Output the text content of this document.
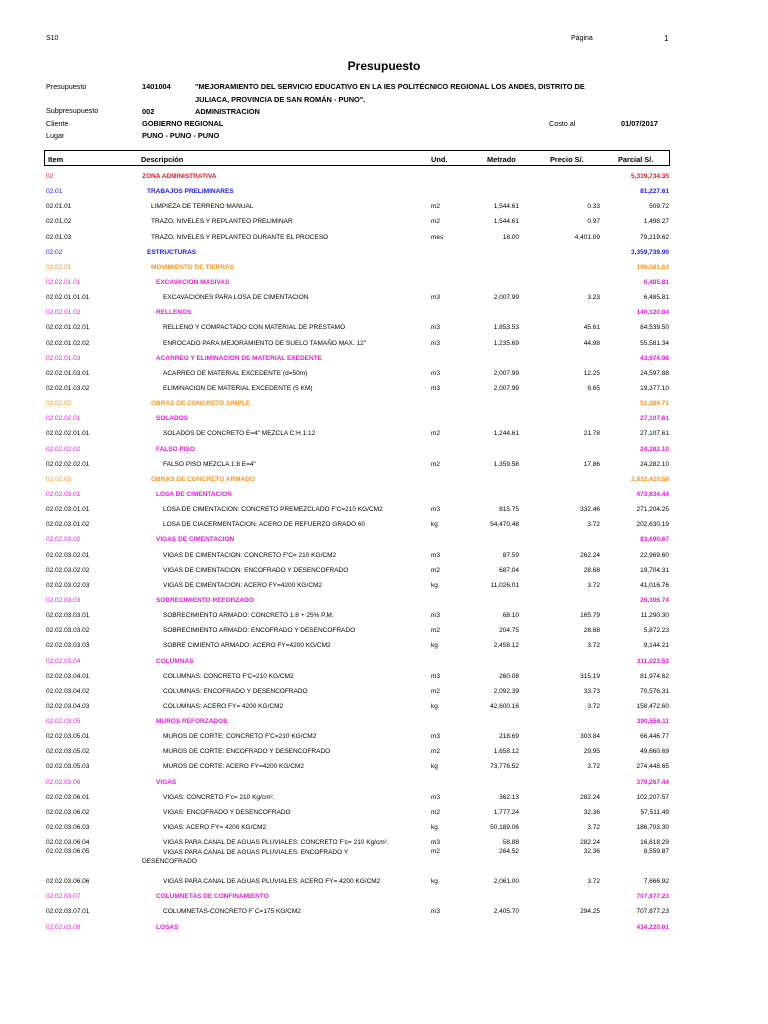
S10	Página	1
Presupuesto
Presupuesto	1401004	"MEJORAMIENTO DEL SERVICIO EDUCATIVO EN LA IES POLITÉCNICO REGIONAL LOS ANDES, DISTRITO DE
JULIACA, PROVINCIA DE SAN ROMÁN - PUNO".
Subpresupuesto	002	ADMINISTRACION
Cliente	GOBIERNO REGIONAL	Costo al	01/07/2017
Lugar	PUNO - PUNO - PUNO
Item	Descripción	Und.	Metrado	Precio S/.	Parcial S/.
02	ZONA ADMINISTRATIVA	5,319,734.35
02.01	TRABAJOS PRELIMINARES	81,227.61
02.01.01	LIMPIEZA DE TERRENO MANUAL	m2	1,544.61	0.33	509.72
02.01.02	TRAZO, NIVELES Y REPLANTEO PRELIMINAR	m2	1,544.61	0.97	1,498.27
02.01.03	TRAZO, NIVELES Y REPLANTEO DURANTE EL PROCESO	mes	18.00	4,401.09	79,219.62
02.02	ESTRUCTURAS	3,359,739.90
02.02.01	MOVIMIENTO DE TIERRAS	190,581.63
02.02.01.01	EXCAVACION MASIVAS	6,485.81
02.02.01.01.01	EXCAVACIONES PARA LOSA DE CIMENTACION	m3	2,007.99	3.23	6,485.81
02.02.01.02	RELLENOS	140,120.84
02.02.01.02.01	RELLENO Y COMPACTADO CON MATERIAL DE PRESTAMO	m3	1,853.53	45.61	84,539.50
02.02.01.02.02	ENROCADO PARA MEJORAMIENTO DE SUELO TAMAÑO MAX. 12"	m3	1,235.69	44.98	55,581.34
02.02.01.03	ACARREO Y ELIMINACION DE MATERIAL EXEDENTE	43,974.98
02.02.01.03.01	ACARREO DE MATERIAL EXCEDENTE (d=50m)	m3	2,007.99	12.25	24,597.88
02.02.01.03.02	ELIMINACION DE MATERIAL EXCEDENTE (5 KM)	m3	2,007.99	9.65	19,377.10
02.02.02	OBRAS DE CONCRETO SIMPLE	51,389.71
02.02.02.01	SOLADOS	27,107.61
02.02.02.01.01	SOLADOS DE CONCRETO E=4" MEZCLA C:H 1:12	m2	1,244.61	21.78	27,107.61
02.02.02.02	FALSO PISO	24,282.10
02.02.02.02.01	FALSO PISO MEZCLA 1:8 E=4"	m2	1,359.58	17.86	24,282.10
02.02.03	OBRAS DE CONCRETO ARMADO	2,832,420.58
02.02.03.01	LOSA DE CIMENTACION	473,834.44
02.02.03.01.01	LOSA DE CIMENTACION: CONCRETO PREMEZCLADO F'C=210 KG/CM2	m3	815.75	332.46	271,204.25
02.02.03.01.02	LOSA DE CIACERMENTACION: ACERO DE REFUERZO GRADO 60	kg	54,470.48	3.72	202,630.19
02.02.03.02	VIGAS DE CIMENTACION	83,690.67
02.02.03.02.01	VIGAS DE CIMENTACION: CONCRETO F'C= 210 KG/CM2	m3	87.59	262.24	22,969.60
02.02.03.02.02	VIGAS DE CIMENTACION: ENCOFRADO Y DESENCOFRADO	m2	687.04	28.68	19,704.31
02.02.03.02.03	VIGAS DE CIMENTACION: ACERO FY=4200 KG/CM2	kg	11,026.01	3.72	41,016.76
02.02.03.03	SOBRECIMIENTO REFORZADO	26,306.74
02.02.03.03.01	SOBRECIMIENTO ARMADO: CONCRETO 1:8 + 25% P.M.	m3	68.10	165.79	11,290.30
02.02.03.03.02	SOBRECIMIENTO ARMADO: ENCOFRADO Y DESENCOFRADO	m2	204.75	28.68	5,872.23
02.02.03.03.03	SOBRE CIMIENTO ARMADO: ACERO FY=4200 KG/CM2	kg	2,458.12	3.72	9,144.21
02.02.03.04	COLUMNAS	311,023.53
02.02.03.04.01	COLUMNAS: CONCRETO F'C=210 KG/CM2	m3	260.08	315.19	81,974.62
02.02.03.04.02	COLUMNAS: ENCOFRADO Y DESENCOFRADO	m2	2,092.39	33.73	70,576.31
02.02.03.04.03	COLUMNAS: ACERO FY= 4200 KG/CM2	kg	42,600.16	3.72	158,472.60
02.02.03.05	MUROS REFORZADOS	390,556.11
02.02.03.05.01	MUROS DE CORTE: CONCRETO F'C=210 KG/CM2	m3	218.69	303.84	66,446.77
02.02.03.05.02	MUROS DE CORTE: ENCOFRADO Y DESENCOFRADO	m2	1,658.12	29.95	49,660.69
02.02.03.05.03	MUROS DE CORTE: ACERO FY=4200 KG/CM2	kg	73,776.52	3.72	274,448.65
02.02.03.06	VIGAS	379,267.44
02.02.03.06.01	VIGAS: CONCRETO F'c= 210 Kg/cm².	m3	362.13	282.24	102,207.57
02.02.03.06.02	VIGAS: ENCOFRADO Y DESENCOFRADO	m2	1,777.24	32.36	57,511.49
02.02.03.06.03	VIGAS: ACERO FY= 4200 KG/CM2	kg	50,189.06	3.72	186,703.30
02.02.03.06.04	VIGAS PARA CANAL DE AGUAS PLUVIALES: CONCRETO F'c= 210 Kg/cm².	m3	58.88	282.24	16,618.29
02.02.03.06.05	VIGAS PARA CANAL DE AGUAS PLUVIALES: ENCOFRADO Y DESENCOFRADO
m2	264.52	32.36	8,559.87
02.02.03.06.06	VIGAS PARA CANAL DE AGUAS PLUVIALES: ACERO FY= 4200 KG/CM2	kg	2,061.00	3.72	7,666.92
02.02.03.07	COLUMNETAS DE CONFINAMIENTO	707,877.23
02.02.03.07.01	COLUMNETAS-CONCRETO F´C=175 KG/CM2	m3	2,405.70	294.25	707,877.23
02.02.03.08	LOSAS	434,220.01
